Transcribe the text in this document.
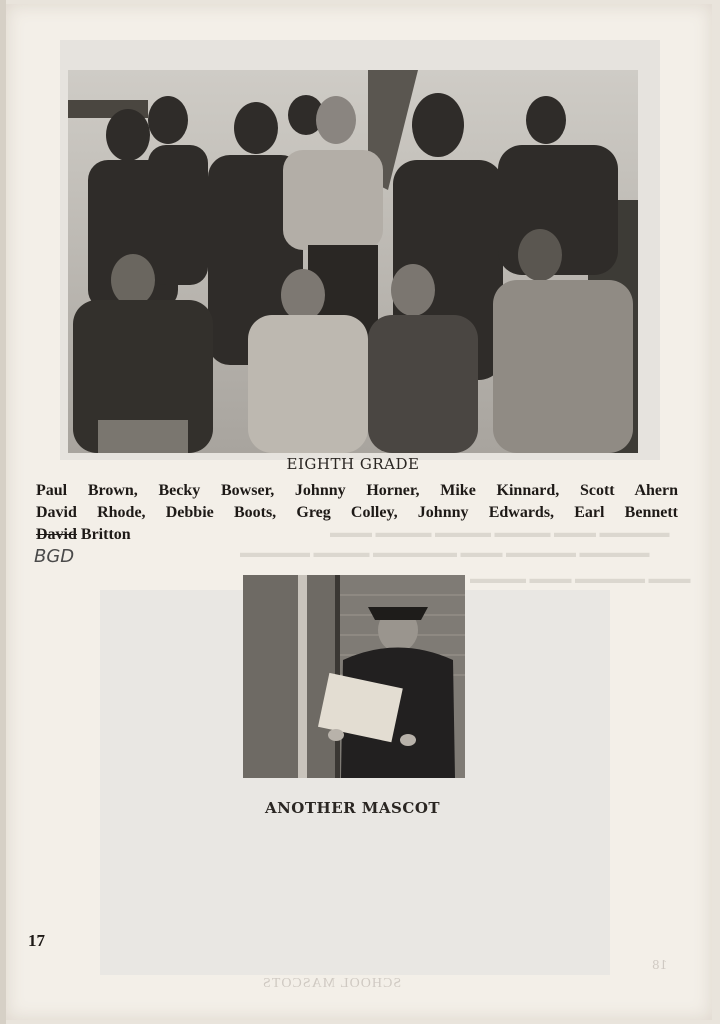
▬▬▬ ▬▬▬▬ ▬▬▬▬ ▬▬▬▬ ▬▬▬ ▬▬▬▬▬
▬▬▬▬▬ ▬▬▬▬ ▬▬▬▬▬▬ ▬▬▬ ▬▬▬▬▬ ▬▬▬▬▬
▬▬▬▬ ▬▬▬ ▬▬▬▬▬ ▬▬▬
EIGHTH GRADE
Paul Brown, Becky Bowser, Johnny Horner, Mike Kinnard, Scott Ahern
David Rhode, Debbie Boots, Greg Colley, Johnny Edwards, Earl Bennett
David Britton
BGD
ANOTHER MASCOT
17
SCHOOL MASCOTS
18
